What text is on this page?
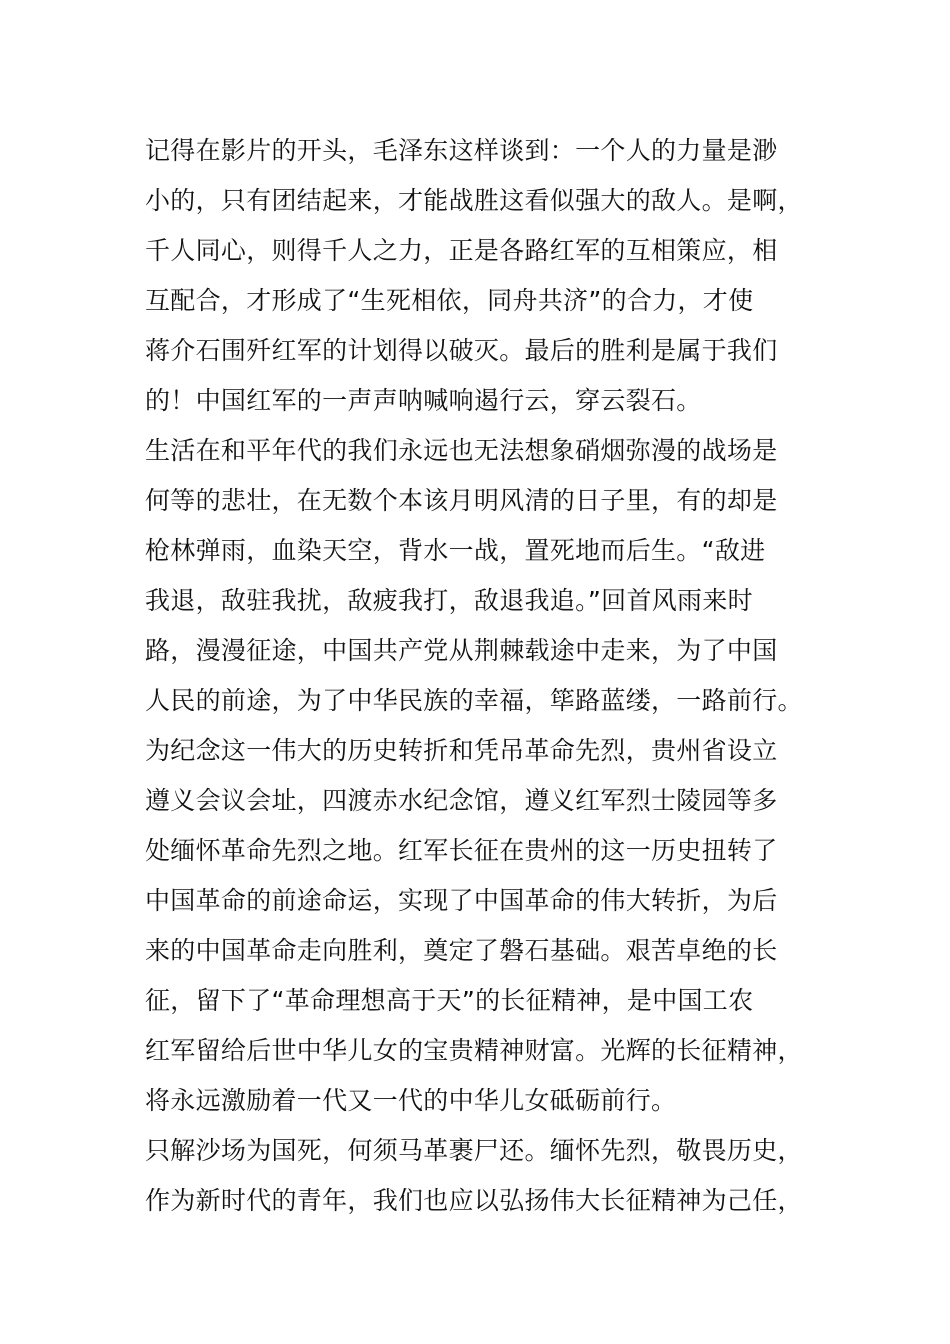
记得在影片的开头，毛泽东这样谈到：一个人的力量是渺
小的，只有团结起来，才能战胜这看似强大的敌人。是啊，
千人同心，则得千人之力，正是各路红军的互相策应，相
互配合，才形成了“生死相依，同舟共济”的合力，才使
蒋介石围歼红军的计划得以破灭。最后的胜利是属于我们
的！中国红军的一声声呐喊响遏行云，穿云裂石。
生活在和平年代的我们永远也无法想象硝烟弥漫的战场是
何等的悲壮，在无数个本该月明风清的日子里，有的却是
枪林弹雨，血染天空，背水一战，置死地而后生。“敌进
我退，敌驻我扰，敌疲我打，敌退我追。”回首风雨来时
路，漫漫征途，中国共产党从荆棘载途中走来，为了中国
人民的前途，为了中华民族的幸福，筚路蓝缕，一路前行。
为纪念这一伟大的历史转折和凭吊革命先烈，贵州省设立
遵义会议会址，四渡赤水纪念馆，遵义红军烈士陵园等多
处缅怀革命先烈之地。红军长征在贵州的这一历史扭转了
中国革命的前途命运，实现了中国革命的伟大转折，为后
来的中国革命走向胜利，奠定了磐石基础。艰苦卓绝的长
征，留下了“革命理想高于天”的长征精神，是中国工农
红军留给后世中华儿女的宝贵精神财富。光辉的长征精神，
将永远激励着一代又一代的中华儿女砥砺前行。
只解沙场为国死，何须马革裹尸还。缅怀先烈，敬畏历史，
作为新时代的青年，我们也应以弘扬伟大长征精神为己任，
